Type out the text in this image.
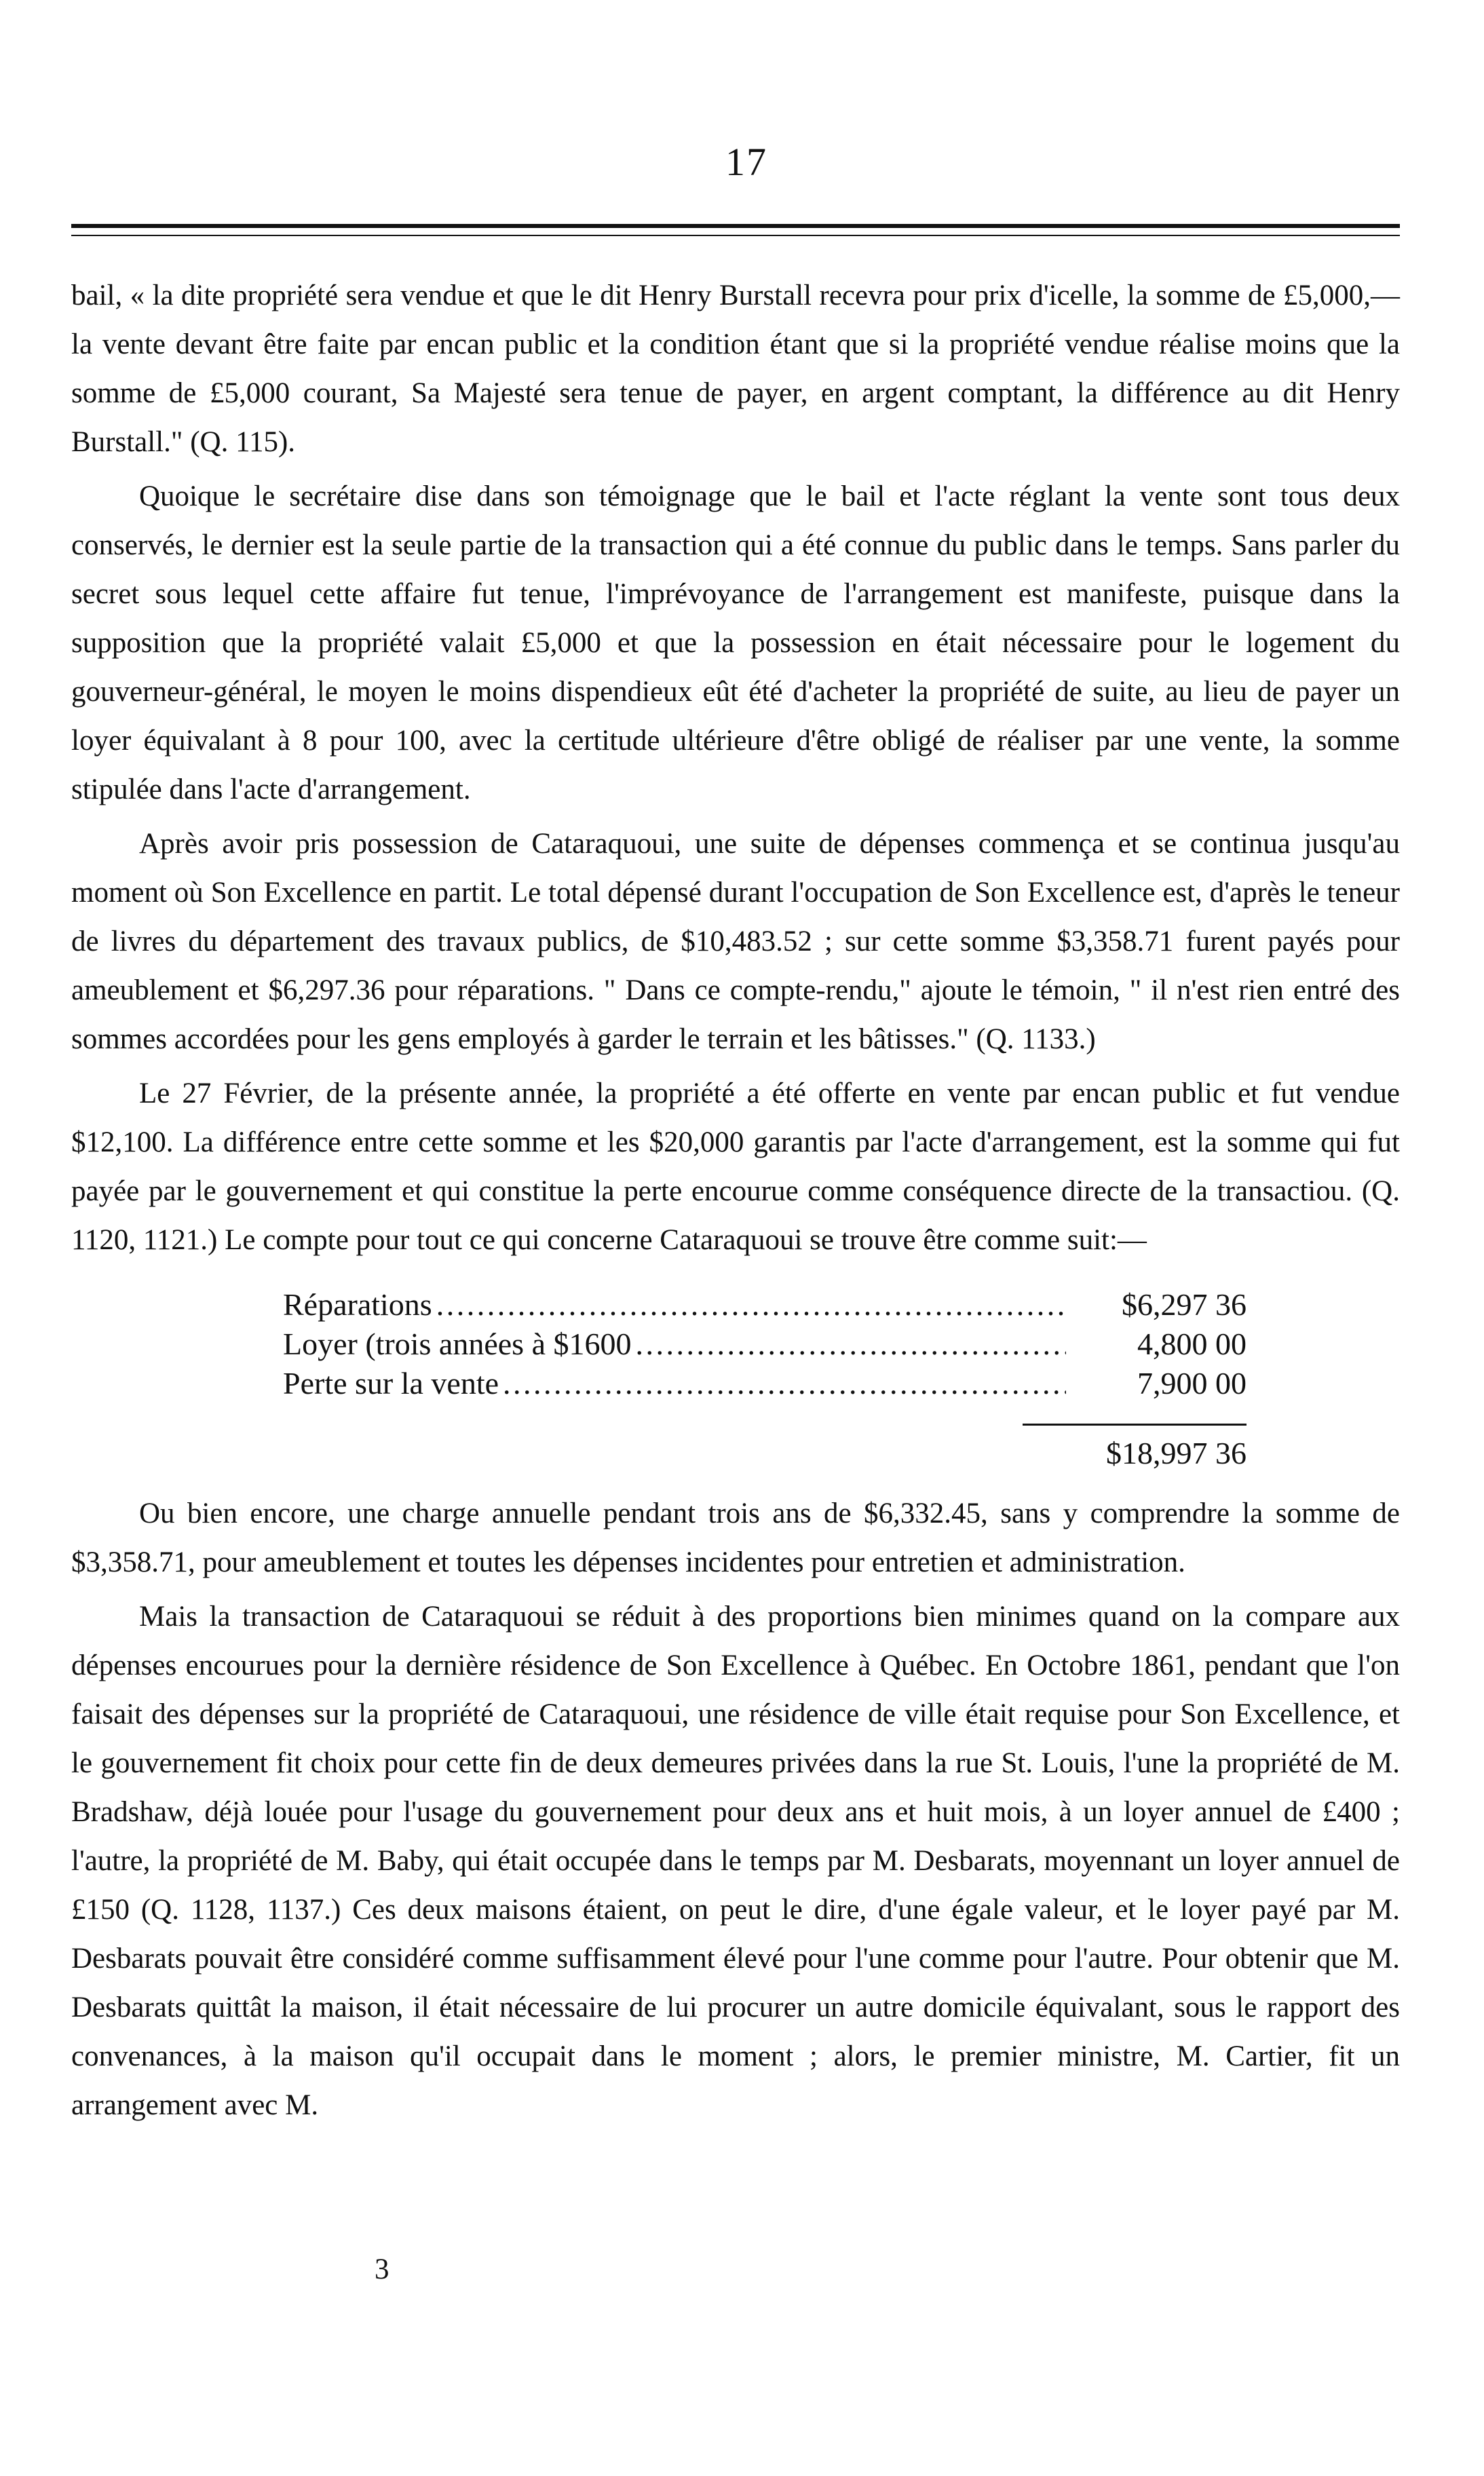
17

bail, « la dite propriété sera vendue et que le dit Henry Burstall recevra pour prix d'icelle, la somme de £5,000,—la vente devant être faite par encan public et la condition étant que si la propriété vendue réalise moins que la somme de £5,000 courant, Sa Majesté sera tenue de payer, en argent comptant, la différence au dit Henry Burstall." (Q. 115).

Quoique le secrétaire dise dans son témoignage que le bail et l'acte réglant la vente sont tous deux conservés, le dernier est la seule partie de la transaction qui a été connue du public dans le temps. Sans parler du secret sous lequel cette affaire fut tenue, l'imprévoyance de l'arrangement est manifeste, puisque dans la supposition que la propriété valait £5,000 et que la possession en était nécessaire pour le logement du gouverneur-général, le moyen le moins dispendieux eût été d'acheter la propriété de suite, au lieu de payer un loyer équivalant à 8 pour 100, avec la certitude ultérieure d'être obligé de réaliser par une vente, la somme stipulée dans l'acte d'arrangement.

Après avoir pris possession de Cataraquoui, une suite de dépenses commença et se continua jusqu'au moment où Son Excellence en partit. Le total dépensé durant l'occupation de Son Excellence est, d'après le teneur de livres du département des travaux publics, de $10,483.52 ; sur cette somme $3,358.71 furent payés pour ameublement et $6,297.36 pour réparations. " Dans ce compte-rendu," ajoute le témoin, " il n'est rien entré des sommes accordées pour les gens employés à garder le terrain et les bâtisses." (Q. 1133.)

Le 27 Février, de la présente année, la propriété a été offerte en vente par encan public et fut vendue $12,100. La différence entre cette somme et les $20,000 garantis par l'acte d'arrangement, est la somme qui fut payée par le gouvernement et qui constitue la perte encourue comme conséquence directe de la transactiou. (Q. 1120, 1121.) Le compte pour tout ce qui concerne Cataraquoui se trouve être comme suit:—

Réparations . . .	$6,297 36
Loyer (trois années à $1600 . . .	4,800 00
Perte sur la vente . . .	7,900 00
$18,997 36

Ou bien encore, une charge annuelle pendant trois ans de $6,332.45, sans y comprendre la somme de $3,358.71, pour ameublement et toutes les dépenses incidentes pour entretien et administration.

Mais la transaction de Cataraquoui se réduit à des proportions bien minimes quand on la compare aux dépenses encourues pour la dernière résidence de Son Excellence à Québec. En Octobre 1861, pendant que l'on faisait des dépenses sur la propriété de Cataraquoui, une résidence de ville était requise pour Son Excellence, et le gouvernement fit choix pour cette fin de deux demeures privées dans la rue St. Louis, l'une la propriété de M. Bradshaw, déjà louée pour l'usage du gouvernement pour deux ans et huit mois, à un loyer annuel de £400 ; l'autre, la propriété de M. Baby, qui était occupée dans le temps par M. Desbarats, moyennant un loyer annuel de £150 (Q. 1128, 1137.) Ces deux maisons étaient, on peut le dire, d'une égale valeur, et le loyer payé par M. Desbarats pouvait être considéré comme suffisamment élevé pour l'une comme pour l'autre. Pour obtenir que M. Desbarats quittât la maison, il était nécessaire de lui procurer un autre domicile équivalant, sous le rapport des convenances, à la maison qu'il occupait dans le moment ; alors, le premier ministre, M. Cartier, fit un arrangement avec M.

3
